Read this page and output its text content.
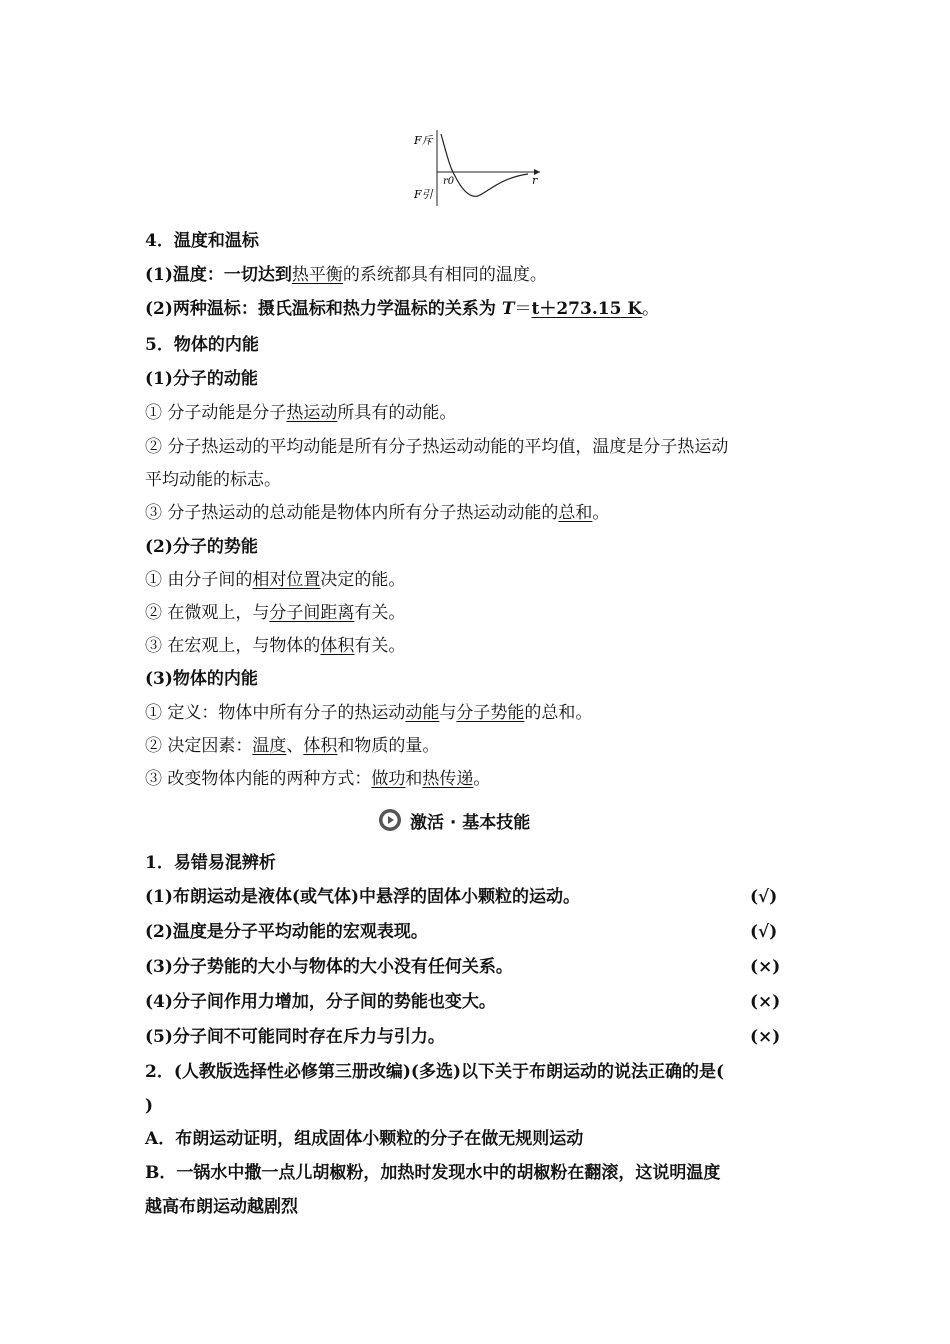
F斥
F引
r0	r
4．温度和温标
(1)温度：一切达到热平衡的系统都具有相同的温度。
(2)两种温标：摄氏温标和热力学温标的关系为 T＝t＋273.15 K。
5．物体的内能
(1)分子的动能
① 分子动能是分子热运动所具有的动能。
② 分子热运动的平均动能是所有分子热运动动能的平均值，温度是分子热运动
平均动能的标志。
③ 分子热运动的总动能是物体内所有分子热运动动能的总和。
(2)分子的势能
① 由分子间的相对位置决定的能。
② 在微观上，与分子间距离有关。
③ 在宏观上，与物体的体积有关。
(3)物体的内能
① 定义：物体中所有分子的热运动动能与分子势能的总和。
② 决定因素：温度、体积和物质的量。
③ 改变物体内能的两种方式：做功和热传递。
激活 · 基本技能
1．易错易混辨析
(1)布朗运动是液体(或气体)中悬浮的固体小颗粒的运动。	(√)
(2)温度是分子平均动能的宏观表现。	(√)
(3)分子势能的大小与物体的大小没有任何关系。	(×)
(4)分子间作用力增加，分子间的势能也变大。	(×)
(5)分子间不可能同时存在斥力与引力。	(×)
2．(人教版选择性必修第三册改编)(多选)以下关于布朗运动的说法正确的是(
)
A．布朗运动证明，组成固体小颗粒的分子在做无规则运动
B．一锅水中撒一点儿胡椒粉，加热时发现水中的胡椒粉在翻滚，这说明温度
越高布朗运动越剧烈
